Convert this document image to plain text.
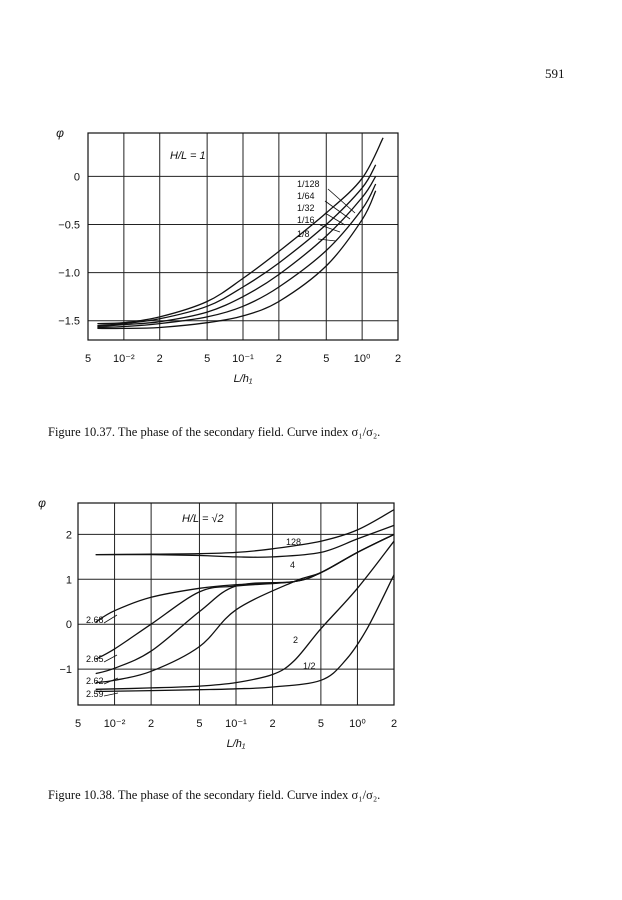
591
5 10⁻² 2	5 10⁻¹ 2	5 10⁰ 2
0
−0.5
−1.0
−1.5
φ
L/h₁
H/L = 1
1/128
1/64
1/32
1/16
1/8
Figure 10.37. The phase of the secondary field. Curve index σ₁/σ₂.
5 10⁻² 2	5 10⁻¹ 2	5 10⁰ 2
2
1
0
−1
φ
L/h₁
H/L = √2
128
4
2.68
2.65
2.62
2.59
2
1/2
Figure 10.38. The phase of the secondary field. Curve index σ₁/σ₂.
